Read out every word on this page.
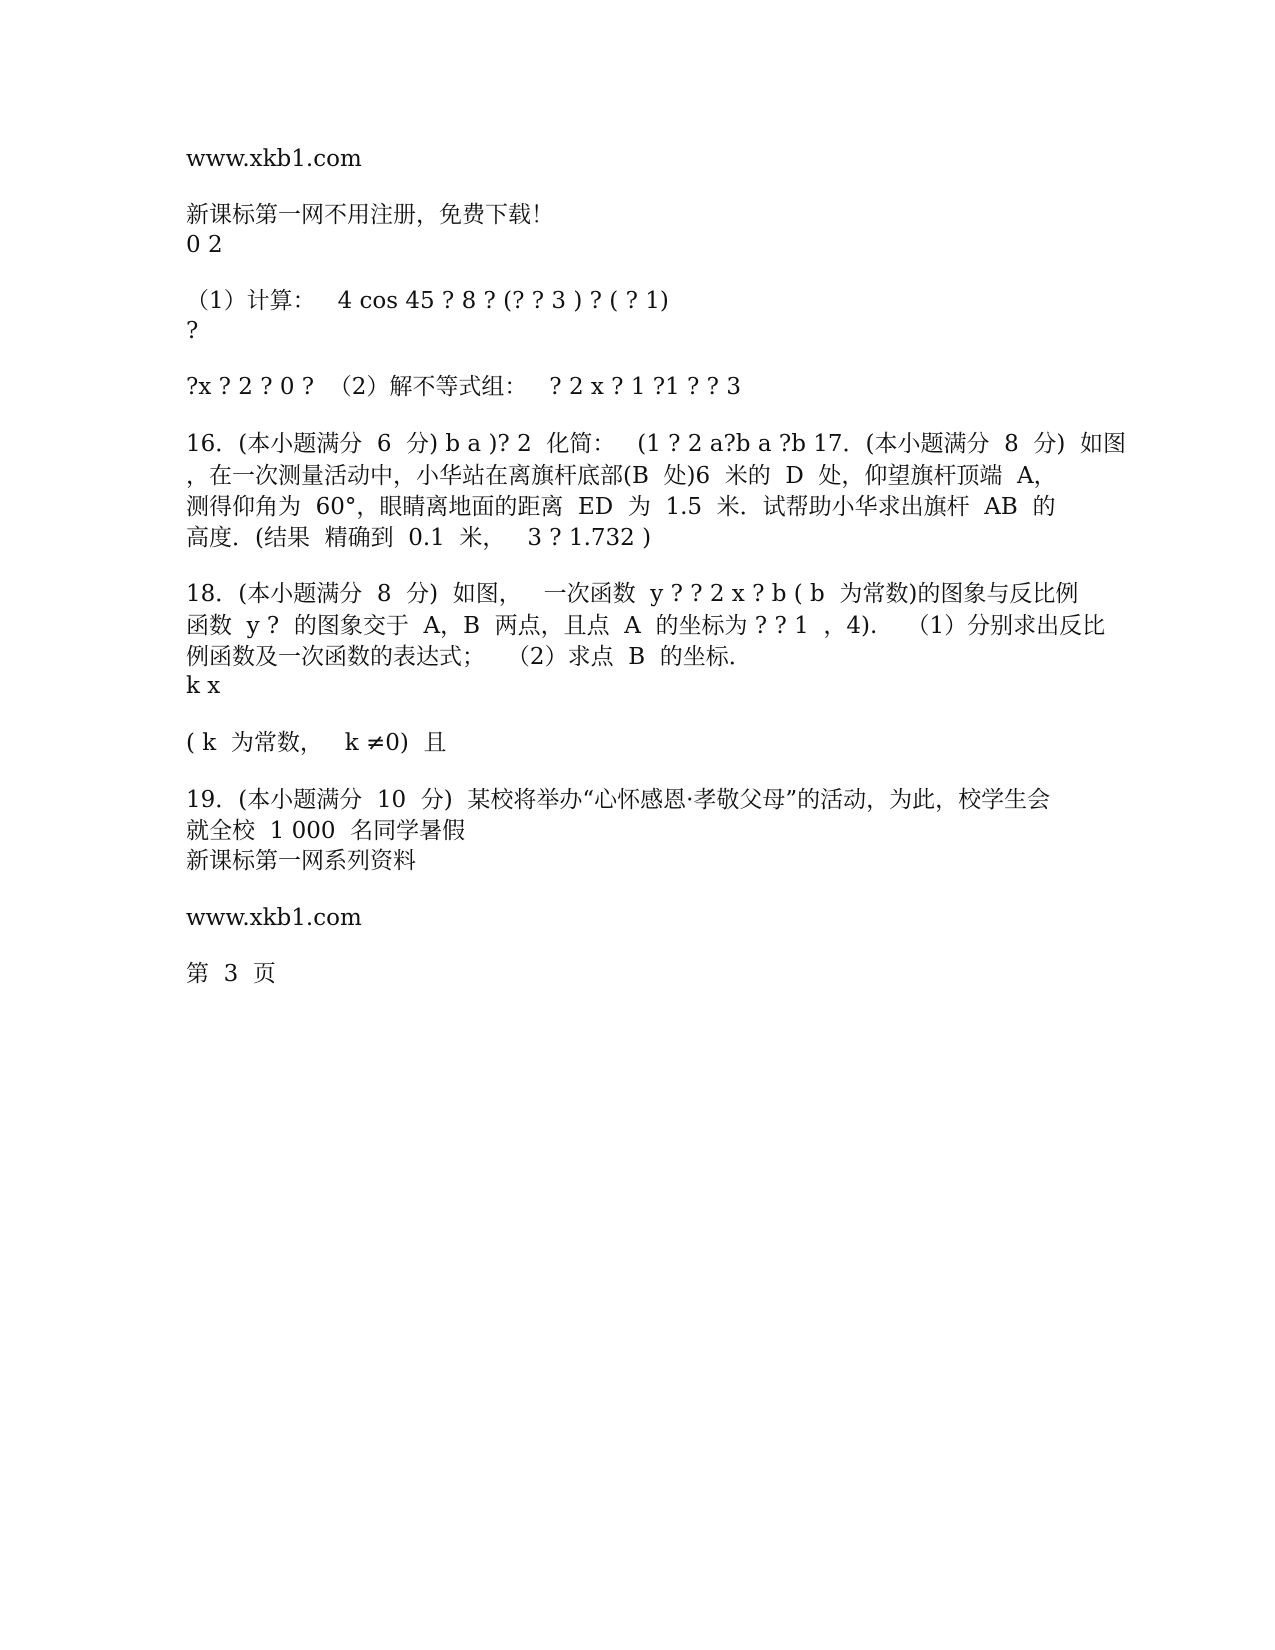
www.xkb1.com
新课标第一网不用注册，免费下载！
0 2
（1）计算：   4 cos 45 ? 8 ? (? ? 3 ) ? ( ? 1)
?
?x ? 2 ? 0 ?  （2）解不等式组：   ? 2 x ? 1 ?1 ? ? 3
16．(本小题满分  6  分) b a )? 2  化简：   (1 ? 2 a?b a ?b 17．(本小题满分  8  分)  如图
，在一次测量活动中，小华站在离旗杆底部(B  处)6  米的  D  处，仰望旗杆顶端  A，
测得仰角为  60°，眼睛离地面的距离  ED  为  1.5  米．试帮助小华求出旗杆  AB  的
高度．(结果  精确到  0.1  米，   3 ? 1.732 )
18．(本小题满分  8  分)  如图，   一次函数  y ? ? 2 x ? b ( b  为常数)的图象与反比例
函数  y ?  的图象交于  A，B  两点，且点  A  的坐标为 ? ? 1  ，4).    （1）分别求出反比
例函数及一次函数的表达式；   （2）求点  B  的坐标．
k x
( k  为常数，   k ≠0)  且
19．(本小题满分  10  分)  某校将举办“心怀感恩·孝敬父母”的活动，为此，校学生会
就全校  1 000  名同学暑假
新课标第一网系列资料
www.xkb1.com
第  3  页
